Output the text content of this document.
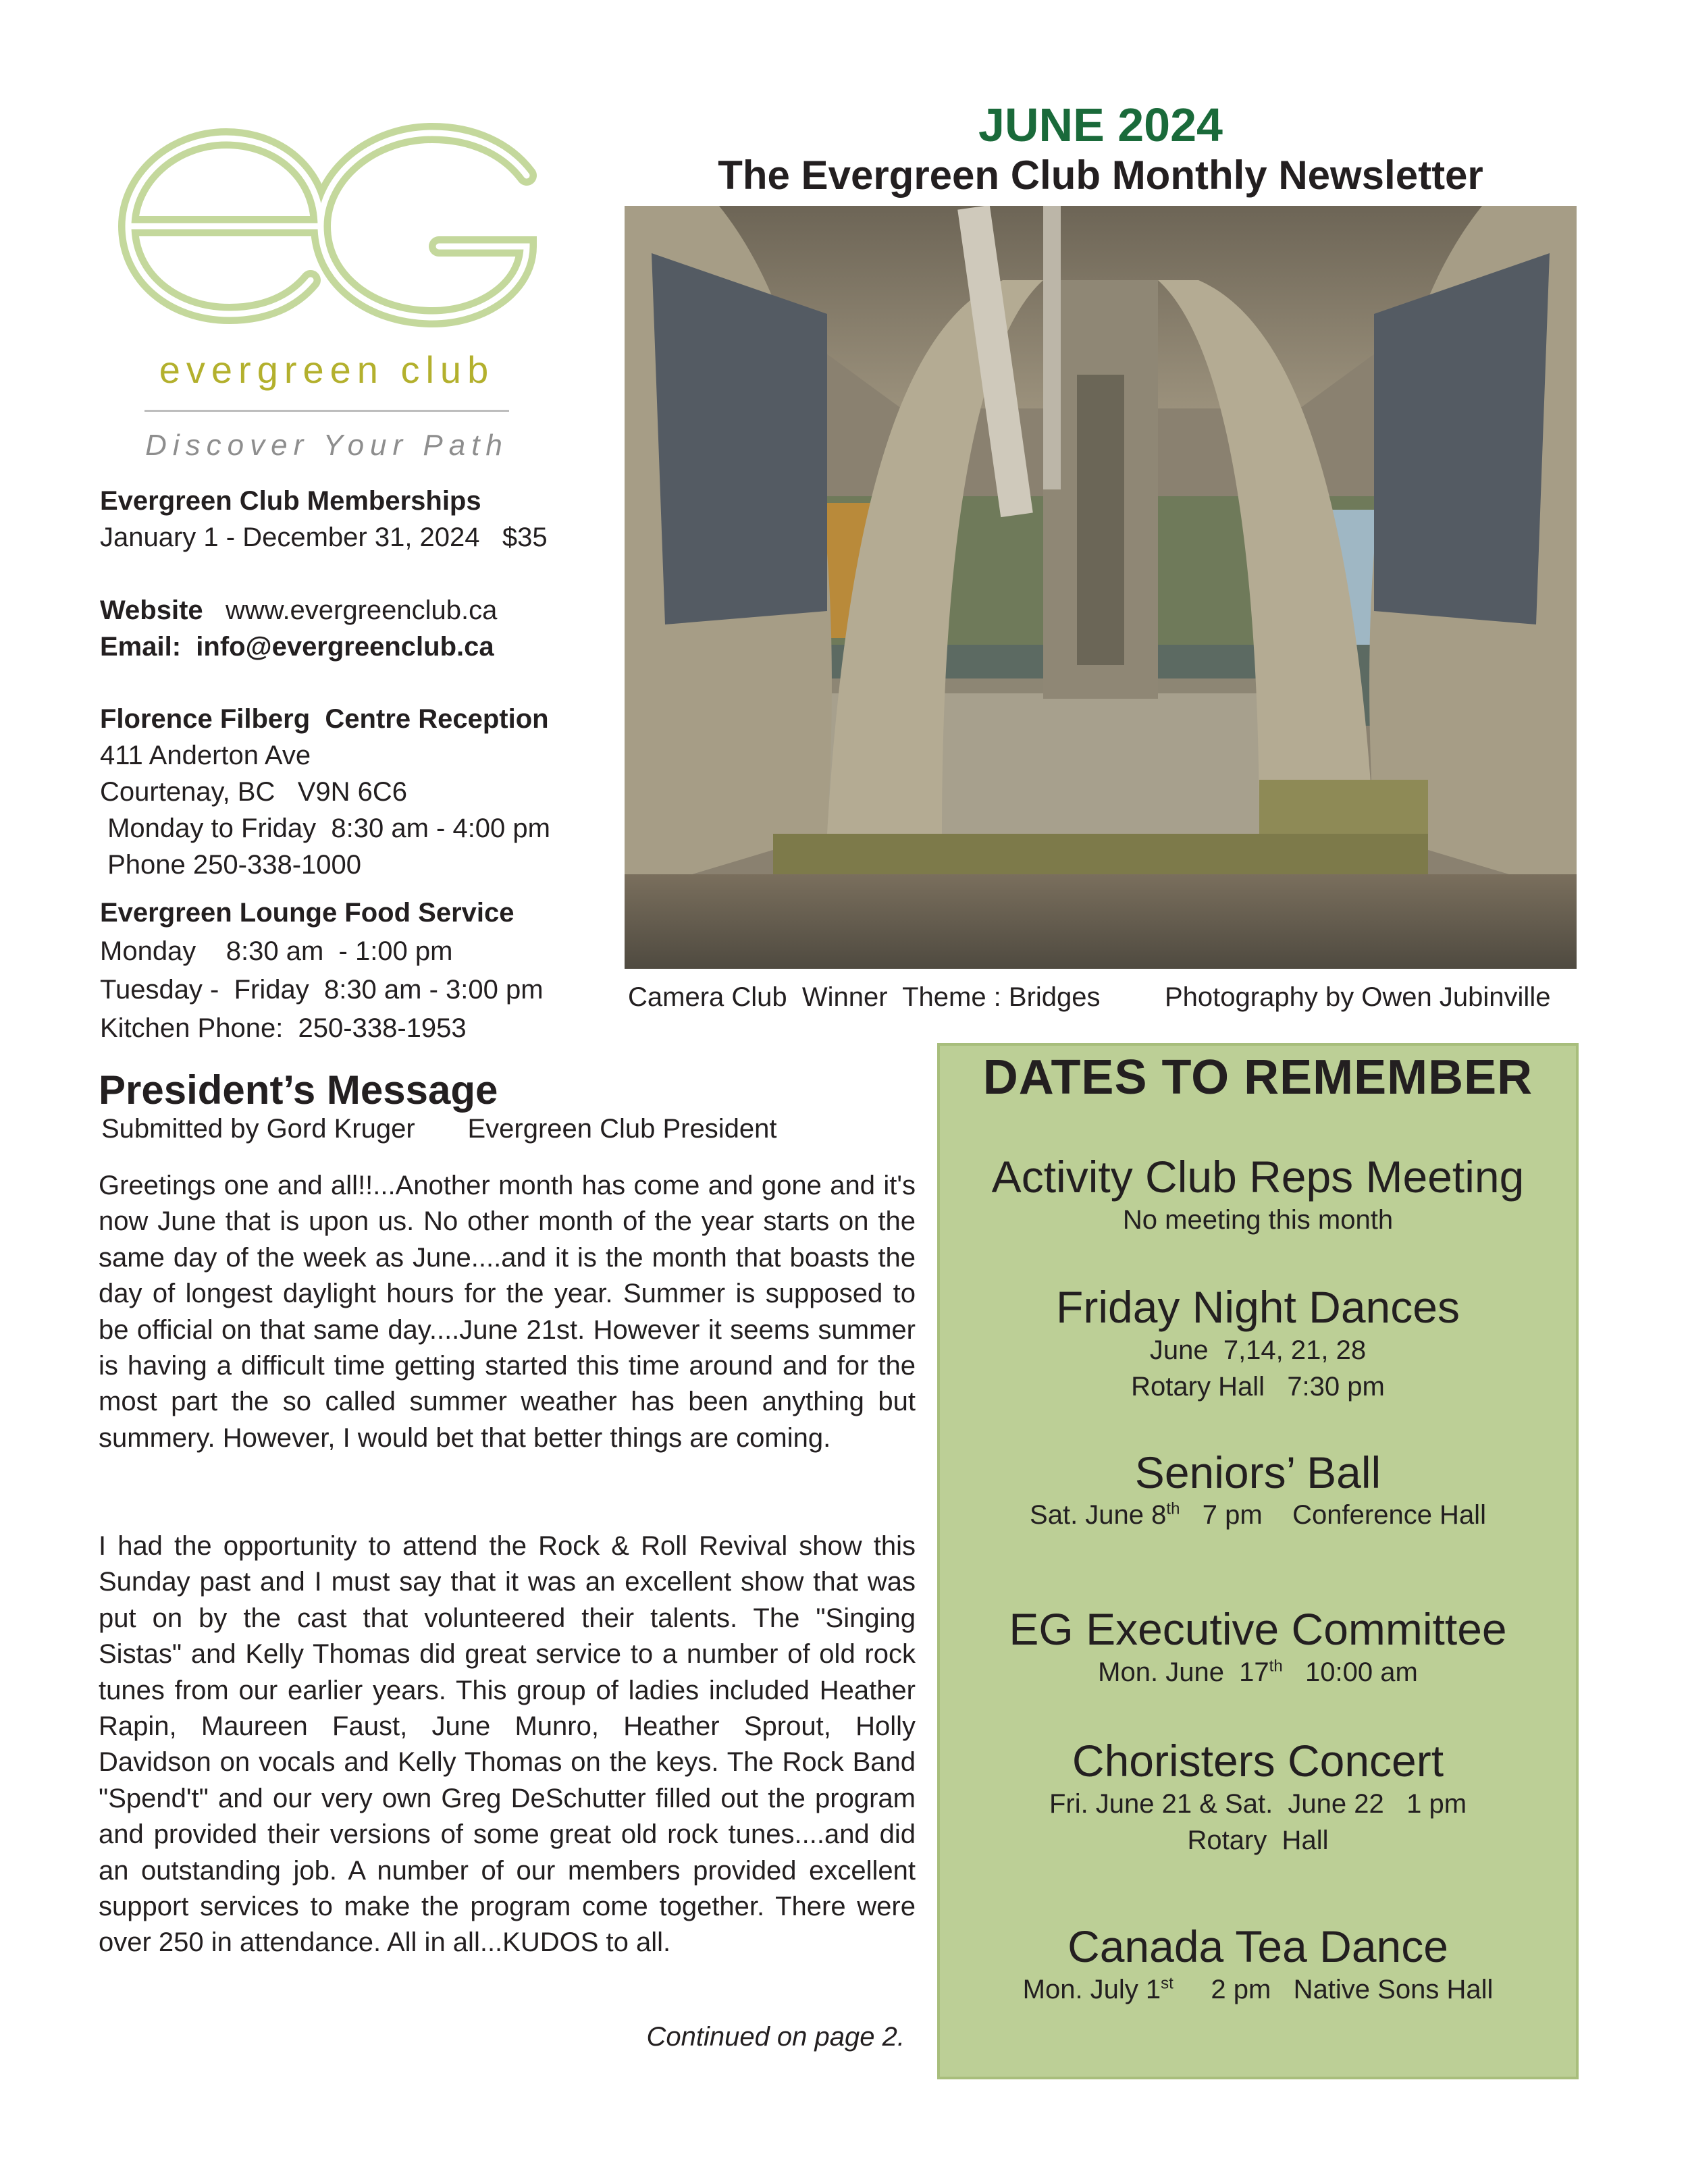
evergreen club
Discover Your Path
Evergreen Club Memberships
January 1 - December 31, 2024   $35
Website www.evergreenclub.ca
Email:  info@evergreenclub.ca
Florence Filberg  Centre Reception
411 Anderton Ave
Courtenay, BC   V9N 6C6
Monday to Friday  8:30 am - 4:00 pm
Phone 250-338-1000
Evergreen Lounge Food Service
Monday    8:30 am  - 1:00 pm
Tuesday -  Friday  8:30 am - 3:00 pm
Kitchen Phone:  250-338-1953
JUNE 2024
The Evergreen Club Monthly Newsletter
Camera Club  Winner  Theme : Bridges Photography by Owen Jubinville
President’s Message
Submitted by Gord Kruger       Evergreen Club President
Greetings one and all!!...Another month has come and gone and it's now June that is upon us. No other month of the year starts on the same day of the week as June....and it is the month that boasts the day of longest daylight hours for the year. Summer is supposed to be official on that same day....June 21st. However it seems summer is having a difficult time getting started this time around and for the most part the so called summer weather has been anything but summery. However, I would bet that better things are coming.
I had the opportunity to attend the Rock & Roll Revival show this Sunday past and I must say that it was an excellent show that was put on by the cast that volunteered their talents. The "Singing Sistas" and Kelly Thomas did great service to a number of old rock tunes from our earlier years. This group of ladies included Heather Rapin, Maureen Faust, June Munro, Heather Sprout, Holly Davidson on vocals and Kelly Thomas on the keys. The Rock Band "Spend't" and our very own Greg DeSchutter filled out the program and provided their versions of some great old rock tunes....and did an outstanding job. A number of our members provided excellent support services to make the program come together. There were over 250 in attendance. All in all...KUDOS to all.
Continued on page 2.
DATES TO REMEMBER
Activity Club Reps Meeting
No meeting this month
Friday Night Dances
June  7,14, 21, 28
Rotary Hall   7:30 pm
Seniors’ Ball
Sat. June 8th   7 pm    Conference Hall
EG Executive Committee
Mon. June  17th   10:00 am
Choristers Concert
Fri. June 21 & Sat.  June 22   1 pm
Rotary  Hall
Canada Tea Dance
Mon. July 1st     2 pm   Native Sons Hall
